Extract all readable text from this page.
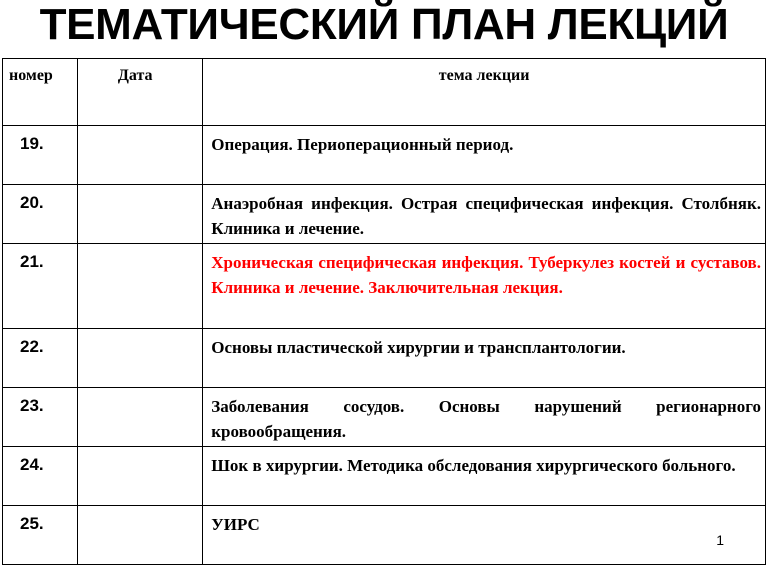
ТЕМАТИЧЕСКИЙ ПЛАН ЛЕКЦИЙ
номер	Дата	тема лекции
19.		Операция. Периоперационный период.
20.		Анаэробная инфекция. Острая специфическая инфекция. Столбняк. Клиника и лечение.
21.		Хроническая специфическая инфекция. Туберкулез костей и суставов. Клиника и лечение. Заключительная лекция.
22.		Основы пластической хирургии и трансплантологии.
23.		Заболевания сосудов. Основы нарушений регионарного кровообращения.
24.		Шок в хирургии. Методика обследования хирургического больного.
25.		УИРС
1
